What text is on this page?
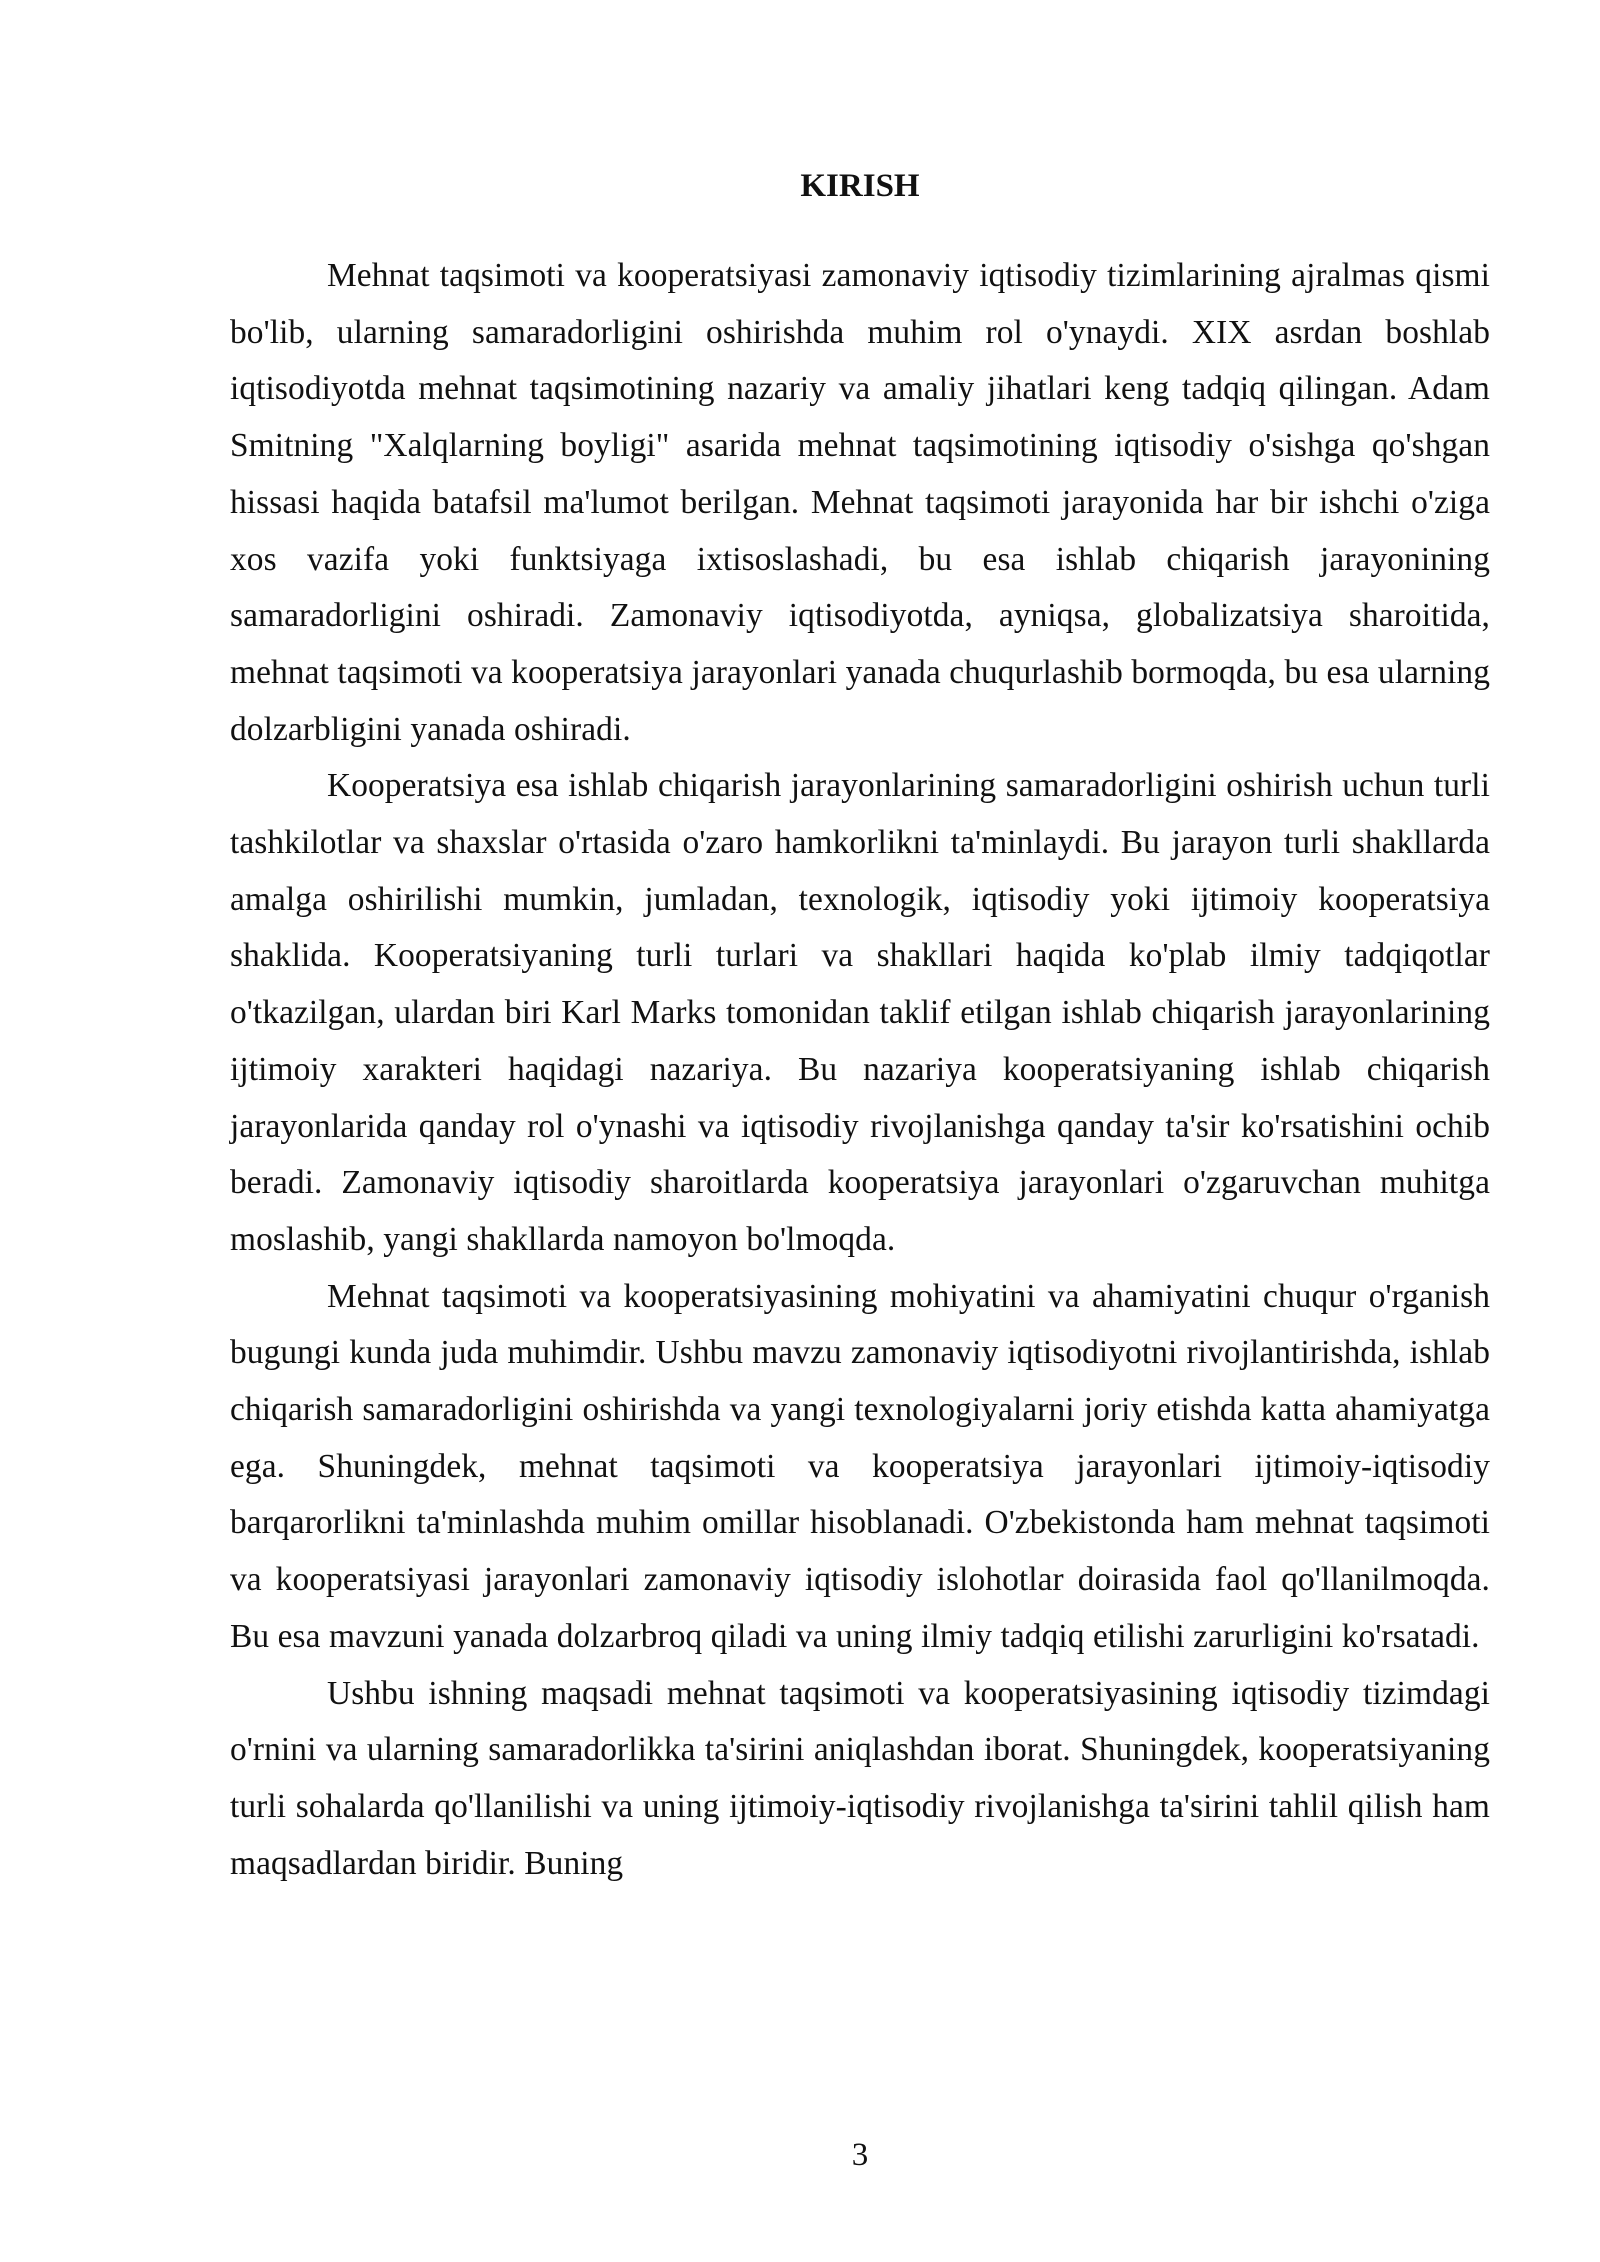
KIRISH

Mehnat taqsimoti va kooperatsiyasi zamonaviy iqtisodiy tizimlarining ajralmas qismi bo'lib, ularning samaradorligini oshirishda muhim rol o'ynaydi. XIX asrdan boshlab iqtisodiyotda mehnat taqsimotining nazariy va amaliy jihatlari keng tadqiq qilingan. Adam Smitning "Xalqlarning boyligi" asarida mehnat taqsimotining iqtisodiy o'sishga qo'shgan hissasi haqida batafsil ma'lumot berilgan. Mehnat taqsimoti jarayonida har bir ishchi o'ziga xos vazifa yoki funktsiyaga ixtisoslashadi, bu esa ishlab chiqarish jarayonining samaradorligini oshiradi. Zamonaviy iqtisodiyotda, ayniqsa, globalizatsiya sharoitida, mehnat taqsimoti va kooperatsiya jarayonlari yanada chuqurlashib bormoqda, bu esa ularning dolzarbligini yanada oshiradi.

Kooperatsiya esa ishlab chiqarish jarayonlarining samaradorligini oshirish uchun turli tashkilotlar va shaxslar o'rtasida o'zaro hamkorlikni ta'minlaydi. Bu jarayon turli shakllarda amalga oshirilishi mumkin, jumladan, texnologik, iqtisodiy yoki ijtimoiy kooperatsiya shaklida. Kooperatsiyaning turli turlari va shakllari haqida ko'plab ilmiy tadqiqotlar o'tkazilgan, ulardan biri Karl Marks tomonidan taklif etilgan ishlab chiqarish jarayonlarining ijtimoiy xarakteri haqidagi nazariya. Bu nazariya kooperatsiyaning ishlab chiqarish jarayonlarida qanday rol o'ynashi va iqtisodiy rivojlanishga qanday ta'sir ko'rsatishini ochib beradi. Zamonaviy iqtisodiy sharoitlarda kooperatsiya jarayonlari o'zgaruvchan muhitga moslashib, yangi shakllarda namoyon bo'lmoqda.

Mehnat taqsimoti va kooperatsiyasining mohiyatini va ahamiyatini chuqur o'rganish bugungi kunda juda muhimdir. Ushbu mavzu zamonaviy iqtisodiyotni rivojlantirishda, ishlab chiqarish samaradorligini oshirishda va yangi texnologiyalarni joriy etishda katta ahamiyatga ega. Shuningdek, mehnat taqsimoti va kooperatsiya jarayonlari ijtimoiy-iqtisodiy barqarorlikni ta'minlashda muhim omillar hisoblanadi. O'zbekistonda ham mehnat taqsimoti va kooperatsiyasi jarayonlari zamonaviy iqtisodiy islohotlar doirasida faol qo'llanilmoqda. Bu esa mavzuni yanada dolzarbroq qiladi va uning ilmiy tadqiq etilishi zarurligini ko'rsatadi.

Ushbu ishning maqsadi mehnat taqsimoti va kooperatsiyasining iqtisodiy tizimdagi o'rnini va ularning samaradorlikka ta'sirini aniqlashdan iborat. Shuningdek, kooperatsiyaning turli sohalarda qo'llanilishi va uning ijtimoiy-iqtisodiy rivojlanishga ta'sirini tahlil qilish ham maqsadlardan biridir. Buning

3
